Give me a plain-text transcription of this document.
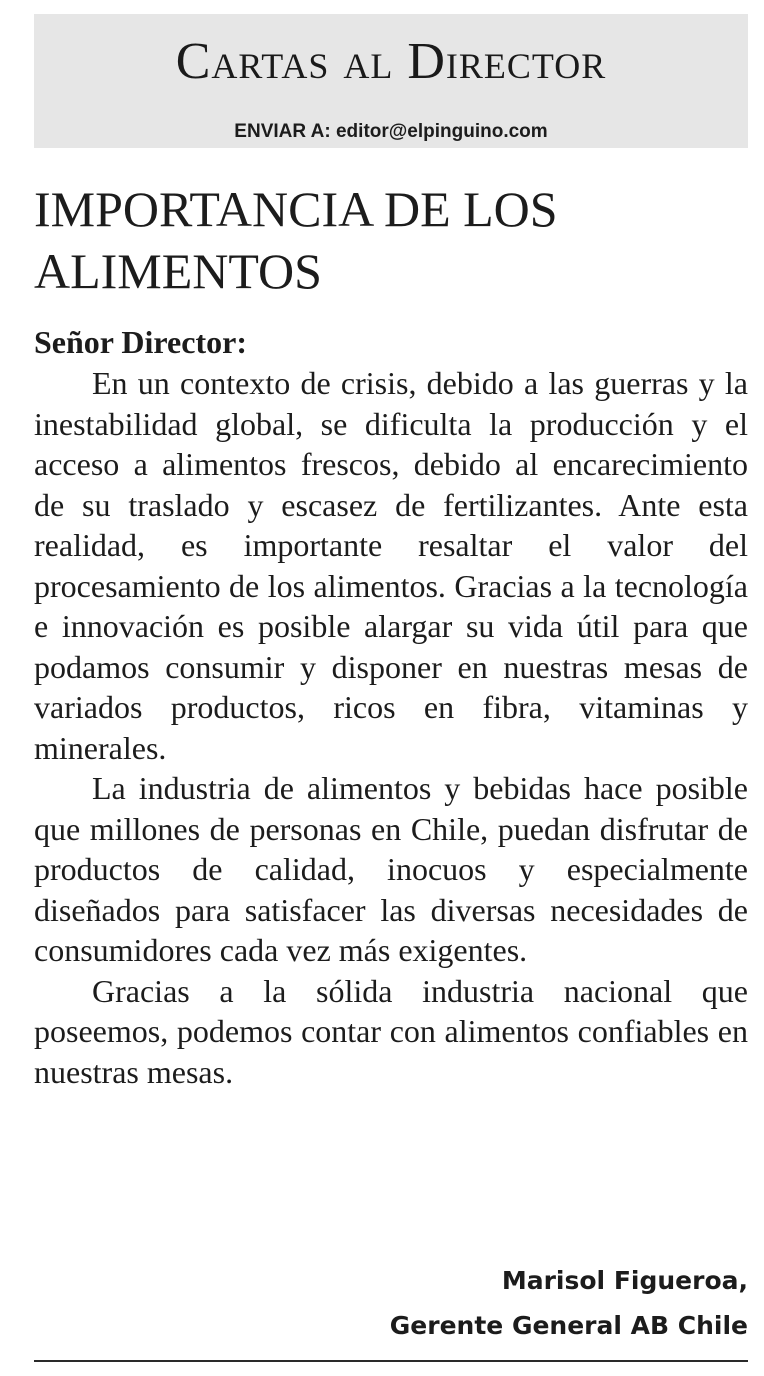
Cartas al Director
ENVIAR A: editor@elpinguino.com
IMPORTANCIA DE LOS ALIMENTOS
Señor Director:

En un contexto de crisis, debido a las guerras y la inestabilidad global, se dificulta la producción y el acceso a alimentos frescos, debido al encarecimiento de su traslado y escasez de fertilizantes. Ante esta realidad, es importante resaltar el valor del procesamiento de los alimentos. Gracias a la tecnología e innovación es posible alargar su vida útil para que podamos consumir y disponer en nuestras mesas de variados productos, ricos en fibra, vitaminas y minerales.

La industria de alimentos y bebidas hace posible que millones de personas en Chile, puedan disfrutar de productos de calidad, inocuos y especialmente diseñados para satisfacer las diversas necesidades de consumidores cada vez más exigentes.

Gracias a la sólida industria nacional que poseemos, podemos contar con alimentos confiables en nuestras mesas.

Marisol Figueroa,
Gerente General AB Chile
